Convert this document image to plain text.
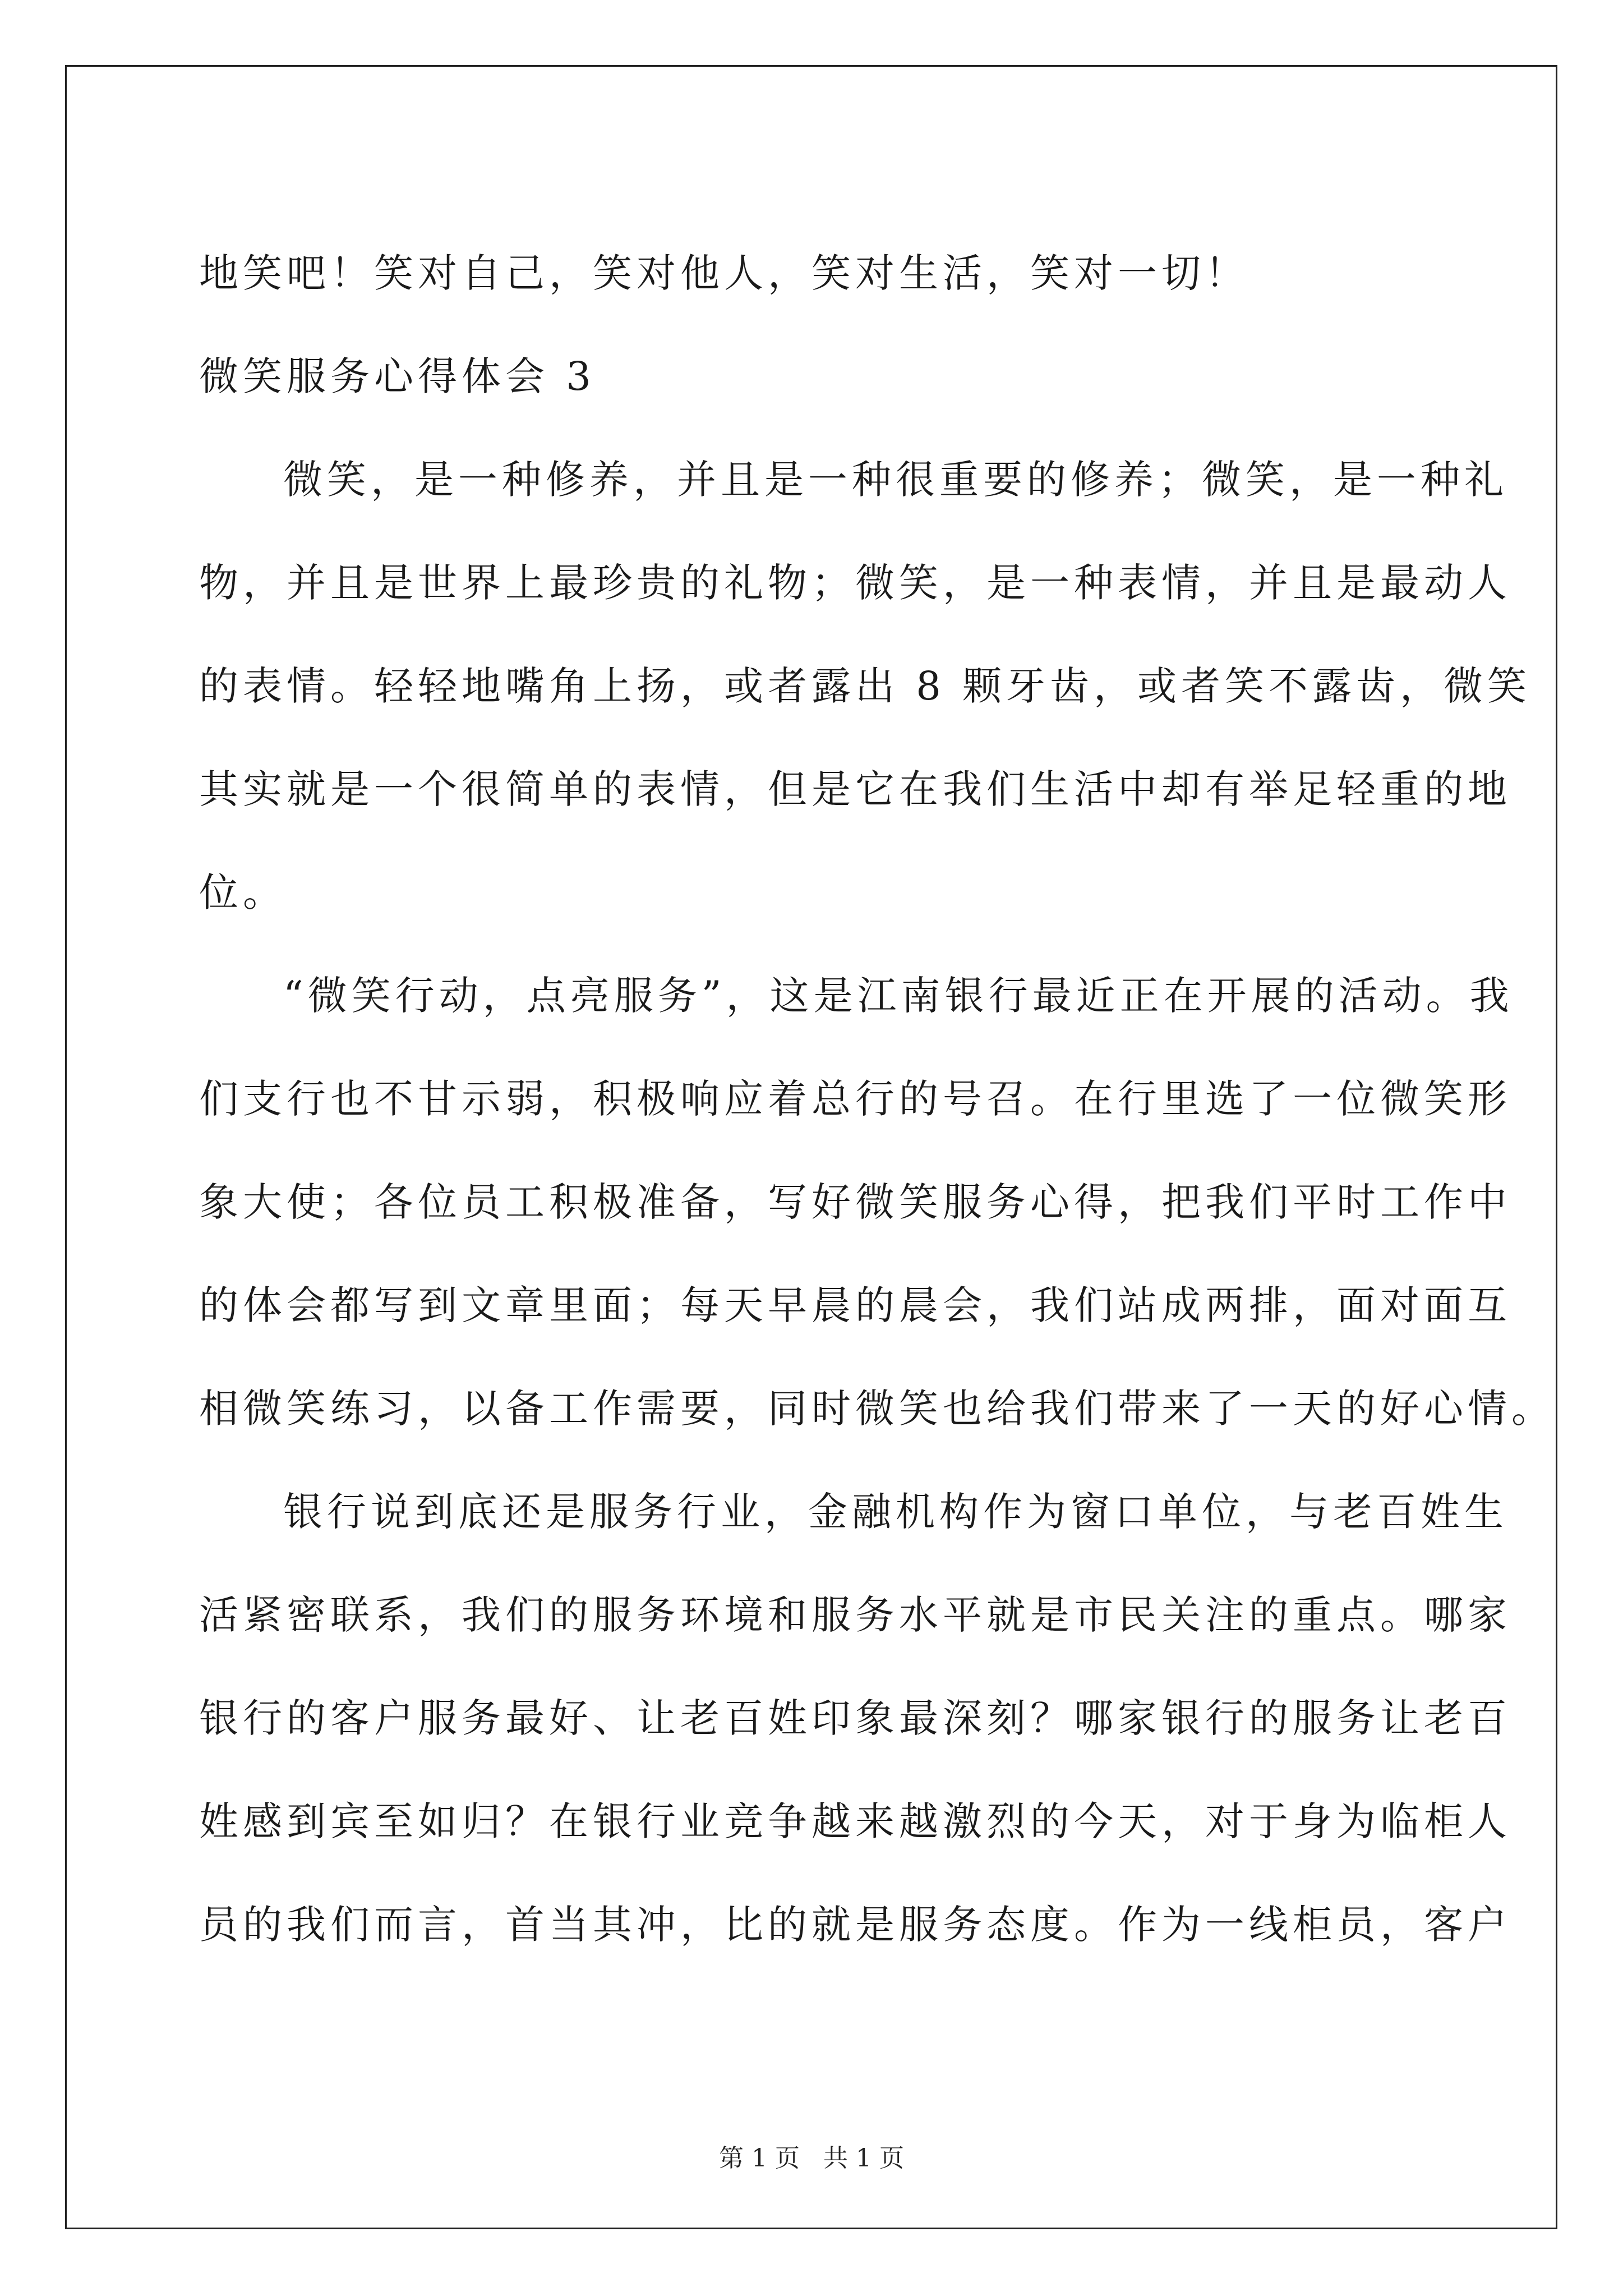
地笑吧！笑对自己，笑对他人，笑对生活，笑对一切！
微笑服务心得体会 3
微笑，是一种修养，并且是一种很重要的修养；微笑，是一种礼
物，并且是世界上最珍贵的礼物；微笑，是一种表情，并且是最动人
的表情。轻轻地嘴角上扬，或者露出 8 颗牙齿，或者笑不露齿，微笑
其实就是一个很简单的表情，但是它在我们生活中却有举足轻重的地
位。
“微笑行动，点亮服务”，这是江南银行最近正在开展的活动。我
们支行也不甘示弱，积极响应着总行的号召。在行里选了一位微笑形
象大使；各位员工积极准备，写好微笑服务心得，把我们平时工作中
的体会都写到文章里面；每天早晨的晨会，我们站成两排，面对面互
相微笑练习，以备工作需要，同时微笑也给我们带来了一天的好心情。
银行说到底还是服务行业，金融机构作为窗口单位，与老百姓生
活紧密联系，我们的服务环境和服务水平就是市民关注的重点。哪家
银行的客户服务最好、让老百姓印象最深刻？哪家银行的服务让老百
姓感到宾至如归？在银行业竞争越来越激烈的今天，对于身为临柜人
员的我们而言，首当其冲，比的就是服务态度。作为一线柜员，客户
第 1 页   共 1 页
